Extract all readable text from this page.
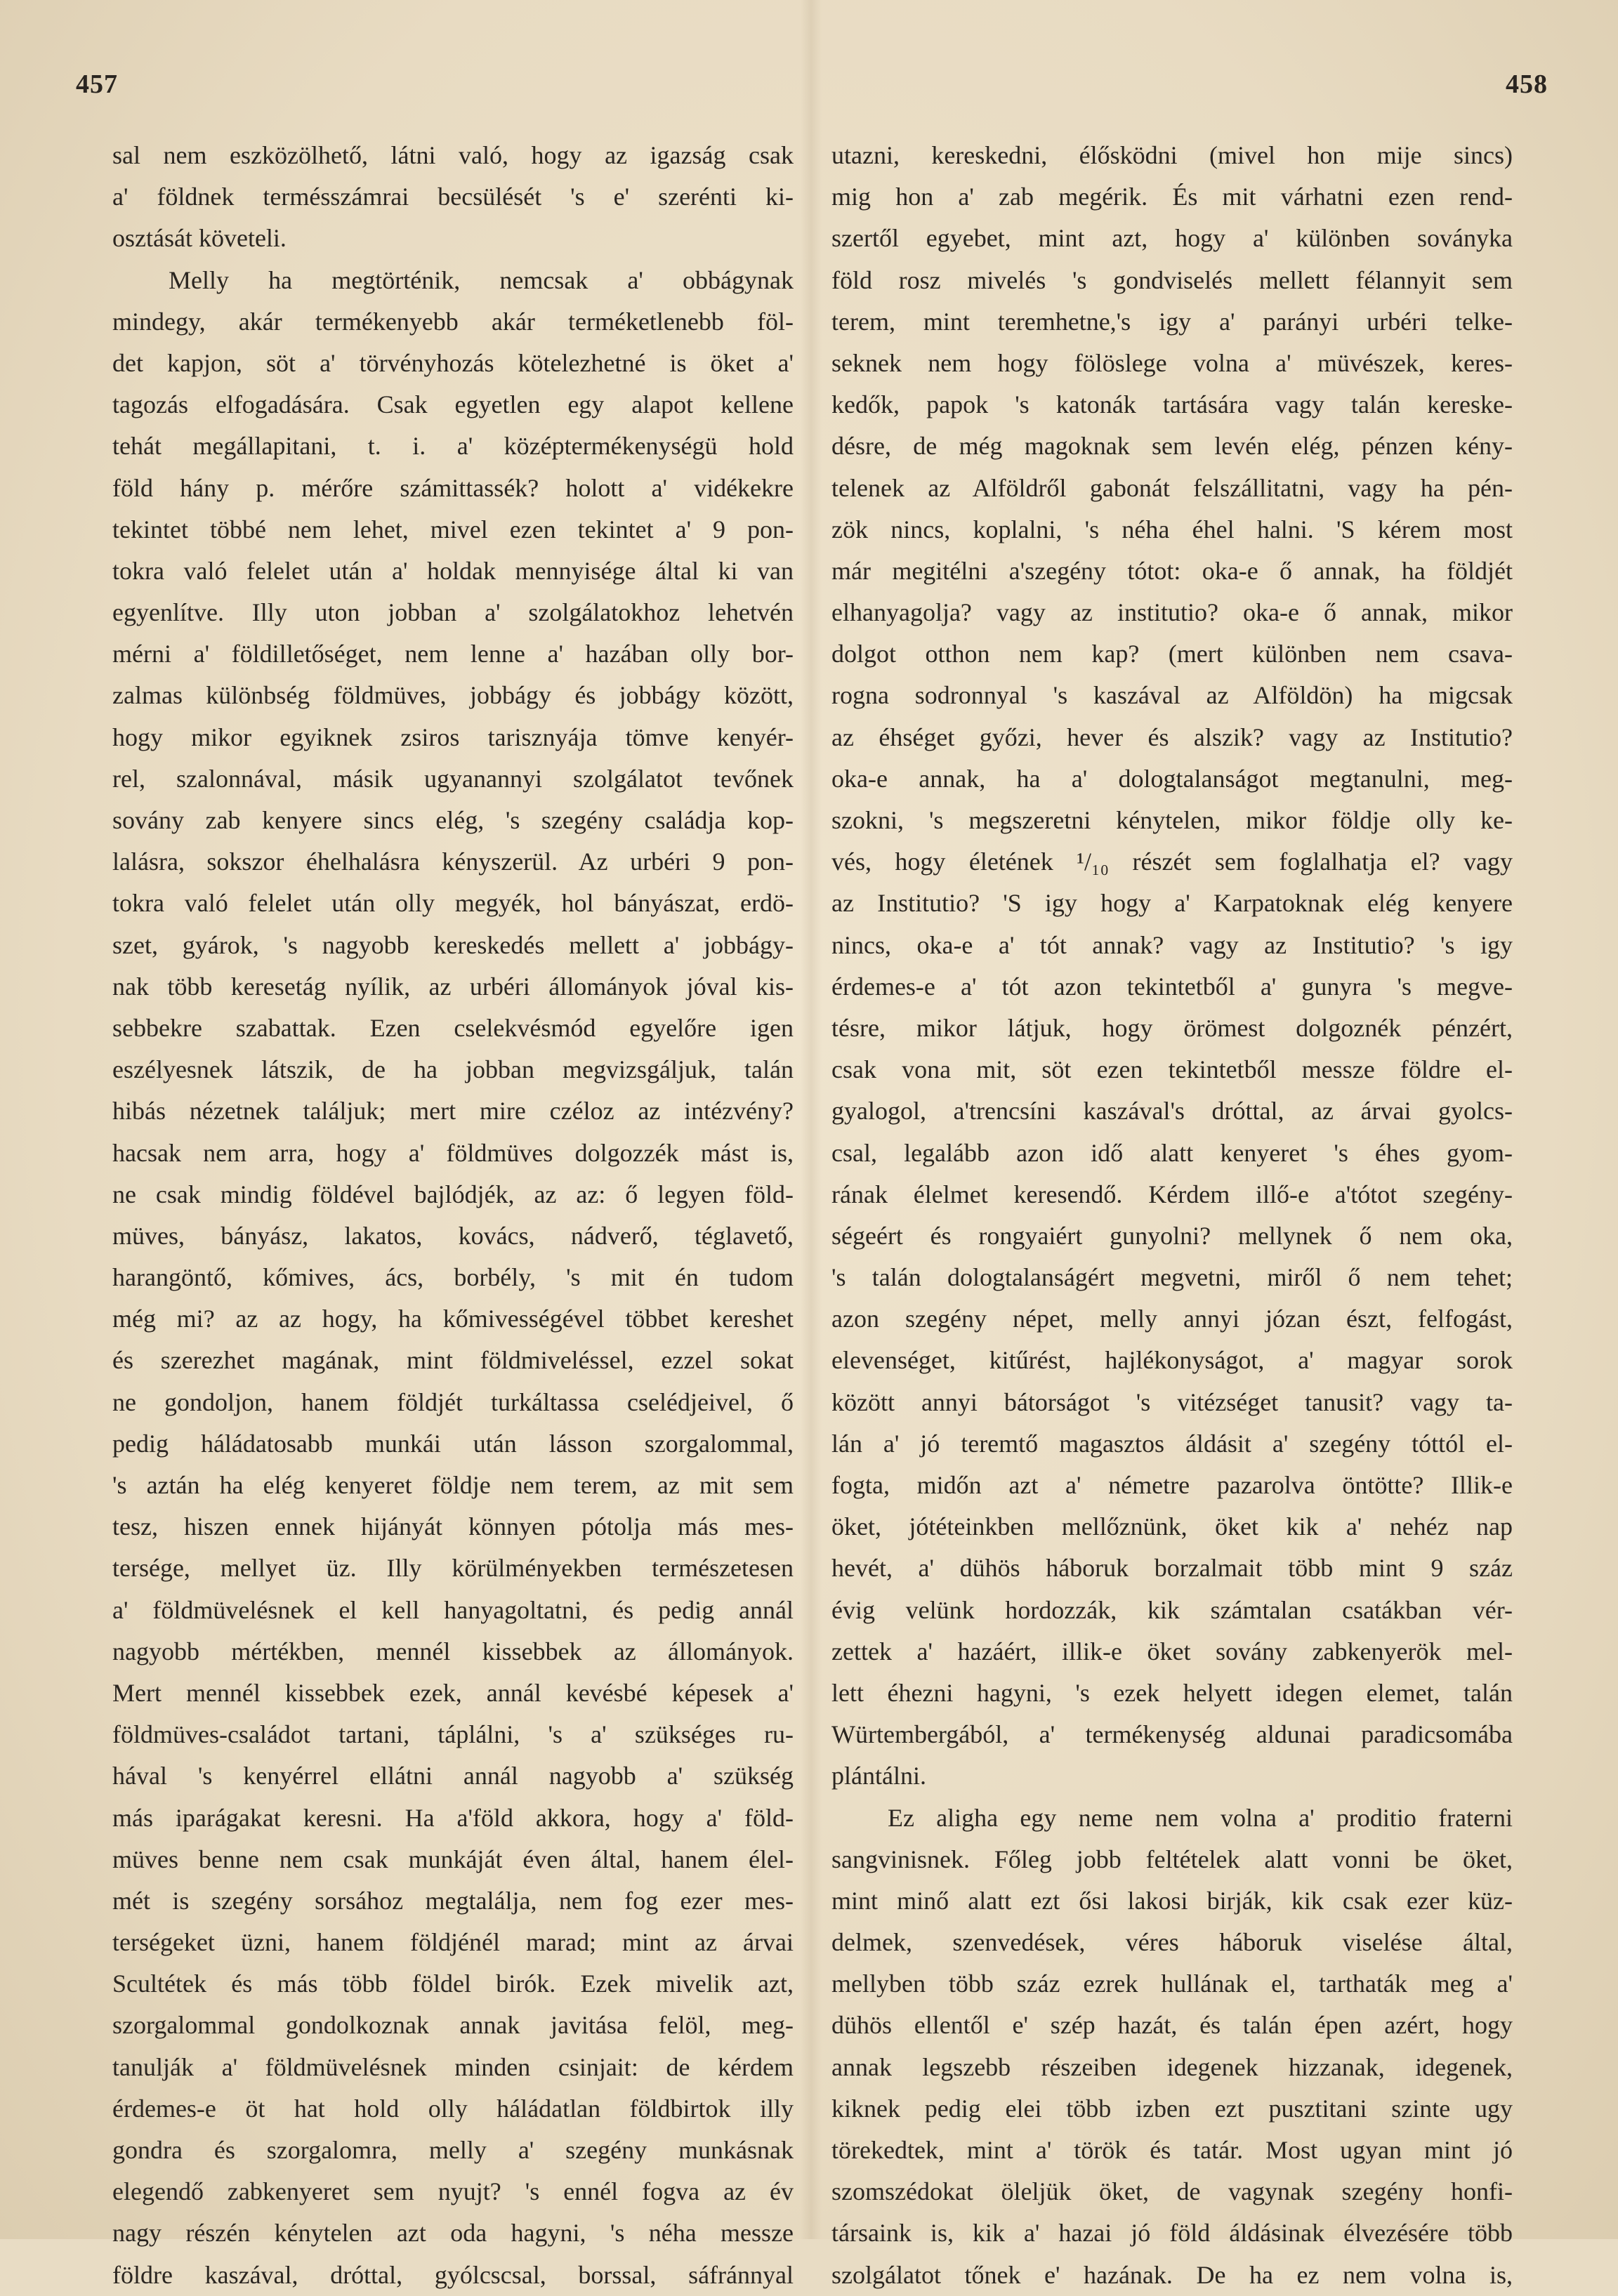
457	458
sal nem eszközölhető, látni való, hogy az igazság csak
a' földnek termésszámrai becsülését 's e' szerénti ki-
osztását követeli.
Melly ha megtörténik, nemcsak a' obbágynak
mindegy, akár termékenyebb akár terméketlenebb föl-
det kapjon, söt a' törvényhozás kötelezhetné is öket a'
tagozás elfogadására. Csak egyetlen egy alapot kellene
tehát megállapitani, t. i. a' középtermékenységü hold
föld hány p. mérőre számittassék? holott a' vidékekre
tekintet többé nem lehet, mivel ezen tekintet a' 9 pon-
tokra való felelet után a' holdak mennyisége által ki van
egyenlítve. Illy uton jobban a' szolgálatokhoz lehetvén
mérni a' földilletőséget, nem lenne a' hazában olly bor-
zalmas különbség földmüves, jobbágy és jobbágy között,
hogy mikor egyiknek zsiros tarisznyája tömve kenyér-
rel, szalonnával, másik ugyanannyi szolgálatot tevőnek
sovány zab kenyere sincs elég, 's szegény családja kop-
lalásra, sokszor éhelhalásra kényszerül. Az urbéri 9 pon-
tokra való felelet után olly megyék, hol bányászat, erdö-
szet, gyárok, 's nagyobb kereskedés mellett a' jobbágy-
nak több keresetág nyílik, az urbéri állományok jóval kis-
sebbekre szabattak. Ezen cselekvésmód egyelőre igen
eszélyesnek látszik, de ha jobban megvizsgáljuk, talán
hibás nézetnek találjuk; mert mire czéloz az intézvény?
hacsak nem arra, hogy a' földmüves dolgozzék mást is,
ne csak mindig földével bajlódjék, az az: ő legyen föld-
müves, bányász, lakatos, kovács, nádverő, téglavető,
harangöntő, kőmives, ács, borbély, 's mit én tudom
még mi? az az hogy, ha kőmivességével többet kereshet
és szerezhet magának, mint földmiveléssel, ezzel sokat
ne gondoljon, hanem földjét turkáltassa cselédjeivel, ő
pedig háládatosabb munkái után lásson szorgalommal,
's aztán ha elég kenyeret földje nem terem, az mit sem
tesz, hiszen ennek hijányát könnyen pótolja más mes-
tersége, mellyet üz. Illy körülményekben természetesen
a' földmüvelésnek el kell hanyagoltatni, és pedig annál
nagyobb mértékben, mennél kissebbek az állományok.
Mert mennél kissebbek ezek, annál kevésbé képesek a'
földmüves-családot tartani, táplálni, 's a' szükséges ru-
hával 's kenyérrel ellátni annál nagyobb a' szükség
más iparágakat keresni. Ha a'föld akkora, hogy a' föld-
müves benne nem csak munkáját éven által, hanem élel-
mét is szegény sorsához megtalálja, nem fog ezer mes-
terségeket üzni, hanem földjénél marad; mint az árvai
Scultétek és más több földel birók. Ezek mivelik azt,
szorgalommal gondolkoznak annak javitása felöl, meg-
tanulják a' földmüvelésnek minden csinjait: de kérdem
érdemes-e öt hat hold olly háládatlan földbirtok illy
gondra és szorgalomra, melly a' szegény munkásnak
elegendő zabkenyeret sem nyujt? 's ennél fogva az év
nagy részén kénytelen azt oda hagyni, 's néha messze
földre kaszával, dróttal, gyólcscsal, borssal, sáfránnyal
utazni, kereskedni, élősködni (mivel hon mije sincs)
mig hon a' zab megérik. És mit várhatni ezen rend-
szertől egyebet, mint azt, hogy a' különben soványka
föld rosz mivelés 's gondviselés mellett félannyit sem
terem, mint teremhetne,'s igy a' parányi urbéri telke-
seknek nem hogy fölöslege volna a' müvészek, keres-
kedők, papok 's katonák tartására vagy talán kereske-
désre, de még magoknak sem levén elég, pénzen kény-
telenek az Alföldről gabonát felszállitatni, vagy ha pén-
zök nincs, koplalni, 's néha éhel halni. 'S kérem most
már megitélni a'szegény tótot: oka-e ő annak, ha földjét
elhanyagolja? vagy az institutio? oka-e ő annak, mikor
dolgot otthon nem kap? (mert különben nem csava-
rogna sodronnyal 's kaszával az Alföldön) ha migcsak
az éhséget győzi, hever és alszik? vagy az Institutio?
oka-e annak, ha a' dologtalanságot megtanulni, meg-
szokni, 's megszeretni kénytelen, mikor földje olly ke-
vés, hogy életének ¹/₁₀ részét sem foglalhatja el? vagy
az Institutio? 'S igy hogy a' Karpatoknak elég kenyere
nincs, oka-e a' tót annak? vagy az Institutio? 's igy
érdemes-e a' tót azon tekintetből a' gunyra 's megve-
tésre, mikor látjuk, hogy örömest dolgoznék pénzért,
csak vona mit, söt ezen tekintetből messze földre el-
gyalogol, a'trencsíni kaszával's dróttal, az árvai gyolcs-
csal, legalább azon idő alatt kenyeret 's éhes gyom-
rának élelmet keresendő. Kérdem illő-e a'tótot szegény-
ségeért és rongyaiért gunyolni? mellynek ő nem oka,
's talán dologtalanságért megvetni, miről ő nem tehet;
azon szegény népet, melly annyi józan észt, felfogást,
elevenséget, kitűrést, hajlékonyságot, a' magyar sorok
között annyi bátorságot 's vitézséget tanusit? vagy ta-
lán a' jó teremtő magasztos áldásit a' szegény tóttól el-
fogta, midőn azt a' németre pazarolva öntötte? Illik-e
öket, jótéteinkben mellőznünk, öket kik a' nehéz nap
hevét, a' dühös háboruk borzalmait több mint 9 száz
évig velünk hordozzák, kik számtalan csatákban vér-
zettek a' hazáért, illik-e öket sovány zabkenyerök mel-
lett éhezni hagyni, 's ezek helyett idegen elemet, talán
Würtembergából, a' termékenység aldunai paradicsomába
plántálni.
Ez aligha egy neme nem volna a' proditio fraterni
sangvinisnek. Főleg jobb feltételek alatt vonni be öket,
mint minő alatt ezt ősi lakosi birják, kik csak ezer küz-
delmek, szenvedések, véres háboruk viselése által,
mellyben több száz ezrek hullának el, tarthaták meg a'
dühös ellentől e' szép hazát, és talán épen azért, hogy
annak legszebb részeiben idegenek hizzanak, idegenek,
kiknek pedig elei több izben ezt pusztitani szinte ugy
törekedtek, mint a' török és tatár. Most ugyan mint jó
szomszédokat öleljük öket, de vagynak szegény honfi-
társaink is, kik a' hazai jó föld áldásinak élvezésére több
szolgálatot tőnek e' hazának. De ha ez nem volna is,
